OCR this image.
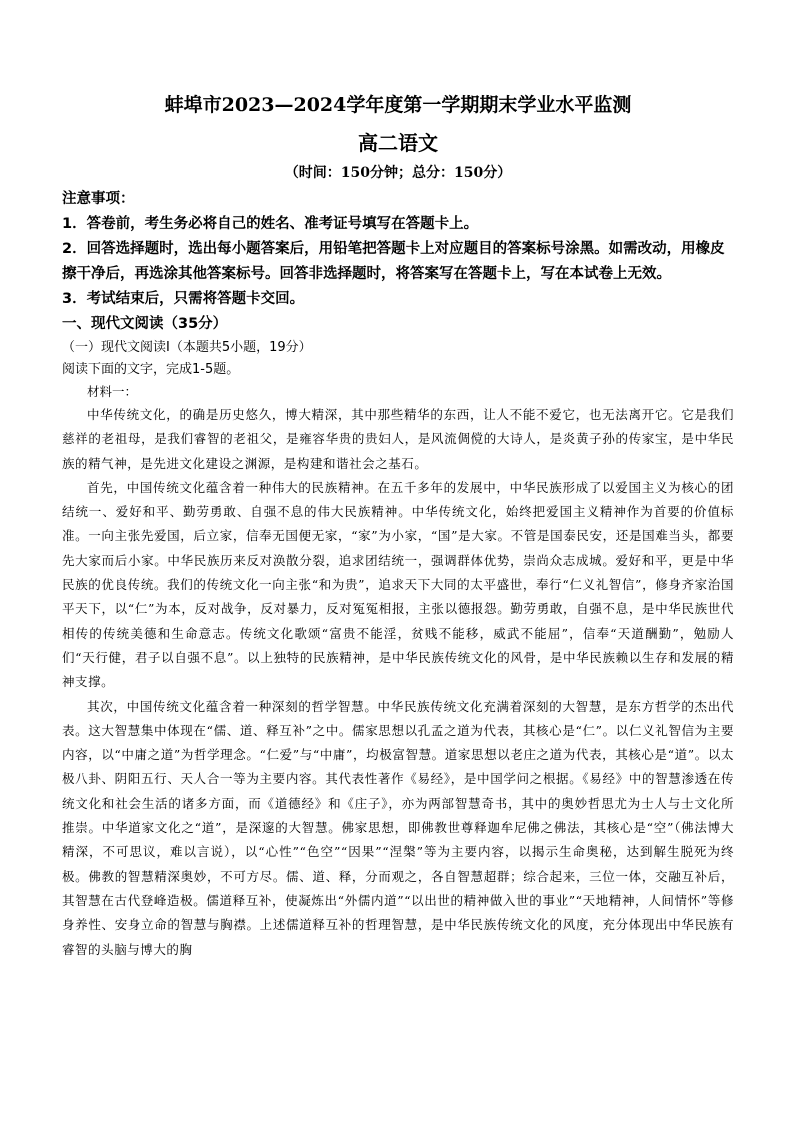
蚌埠市2023—2024学年度第一学期期末学业水平监测
高二语文

（时间：150分钟；总分：150分）

注意事项：

1．答卷前，考生务必将自己的姓名、准考证号填写在答题卡上。

2．回答选择题时，选出每小题答案后，用铅笔把答题卡上对应题目的答案标号涂黑。如需改动，用橡皮擦干净后，再选涂其他答案标号。回答非选择题时，将答案写在答题卡上，写在本试卷上无效。

3．考试结束后，只需将答题卡交回。

一、现代文阅读（35分）

（一）现代文阅读Ⅰ（本题共5小题，19分）

阅读下面的文字，完成1-5题。

材料一：

中华传统文化，的确是历史悠久，博大精深，其中那些精华的东西，让人不能不爱它，也无法离开它。它是我们慈祥的老祖母，是我们睿智的老祖父，是雍容华贵的贵妇人，是风流倜傥的大诗人，是炎黄子孙的传家宝，是中华民族的精气神，是先进文化建设之渊源，是构建和谐社会之基石。

首先，中国传统文化蕴含着一种伟大的民族精神。在五千多年的发展中，中华民族形成了以爱国主义为核心的团结统一、爱好和平、勤劳勇敢、自强不息的伟大民族精神。中华传统文化，始终把爱国主义精神作为首要的价值标准。一向主张先爱国，后立家，信奉无国便无家，“家”为小家，“国”是大家。不管是国泰民安，还是国难当头，都要先大家而后小家。中华民族历来反对涣散分裂，追求团结统一，强调群体优势，崇尚众志成城。爱好和平，更是中华民族的优良传统。我们的传统文化一向主张“和为贵”，追求天下大同的太平盛世，奉行“仁义礼智信”，修身齐家治国平天下，以“仁”为本，反对战争，反对暴力，反对冤冤相报，主张以德报怨。勤劳勇敢，自强不息，是中华民族世代相传的传统美德和生命意志。传统文化歌颂“富贵不能淫，贫贱不能移，威武不能屈”，信奉“天道酬勤”，勉励人们“天行健，君子以自强不息”。以上独特的民族精神，是中华民族传统文化的风骨，是中华民族赖以生存和发展的精神支撑。

其次，中国传统文化蕴含着一种深刻的哲学智慧。中华民族传统文化充满着深刻的大智慧，是东方哲学的杰出代表。这大智慧集中体现在“儒、道、释互补”之中。儒家思想以孔孟之道为代表，其核心是“仁”。以仁义礼智信为主要内容，以“中庸之道”为哲学理念。“仁爱”与“中庸”，均极富智慧。道家思想以老庄之道为代表，其核心是“道”。以太极八卦、阴阳五行、天人合一等为主要内容。其代表性著作《易经》，是中国学问之根据。《易经》中的智慧渗透在传统文化和社会生活的诸多方面，而《道德经》和《庄子》，亦为两部智慧奇书，其中的奥妙哲思尤为士人与士文化所推崇。中华道家文化之“道”，是深邃的大智慧。佛家思想，即佛教世尊释迦牟尼佛之佛法，其核心是“空”（佛法博大精深，不可思议，难以言说），以“心性”“色空”“因果”“涅槃”等为主要内容，以揭示生命奥秘，达到解生脱死为终极。佛教的智慧精深奥妙，不可方尽。儒、道、释，分而观之，各自智慧超群；综合起来，三位一体，交融互补后，其智慧在古代登峰造极。儒道释互补，使凝炼出“外儒内道”“以出世的精神做入世的事业”“天地精神，人间情怀”等修身养性、安身立命的智慧与胸襟。上述儒道释互补的哲理智慧，是中华民族传统文化的风度，充分体现出中华民族有睿智的头脑与博大的胸
